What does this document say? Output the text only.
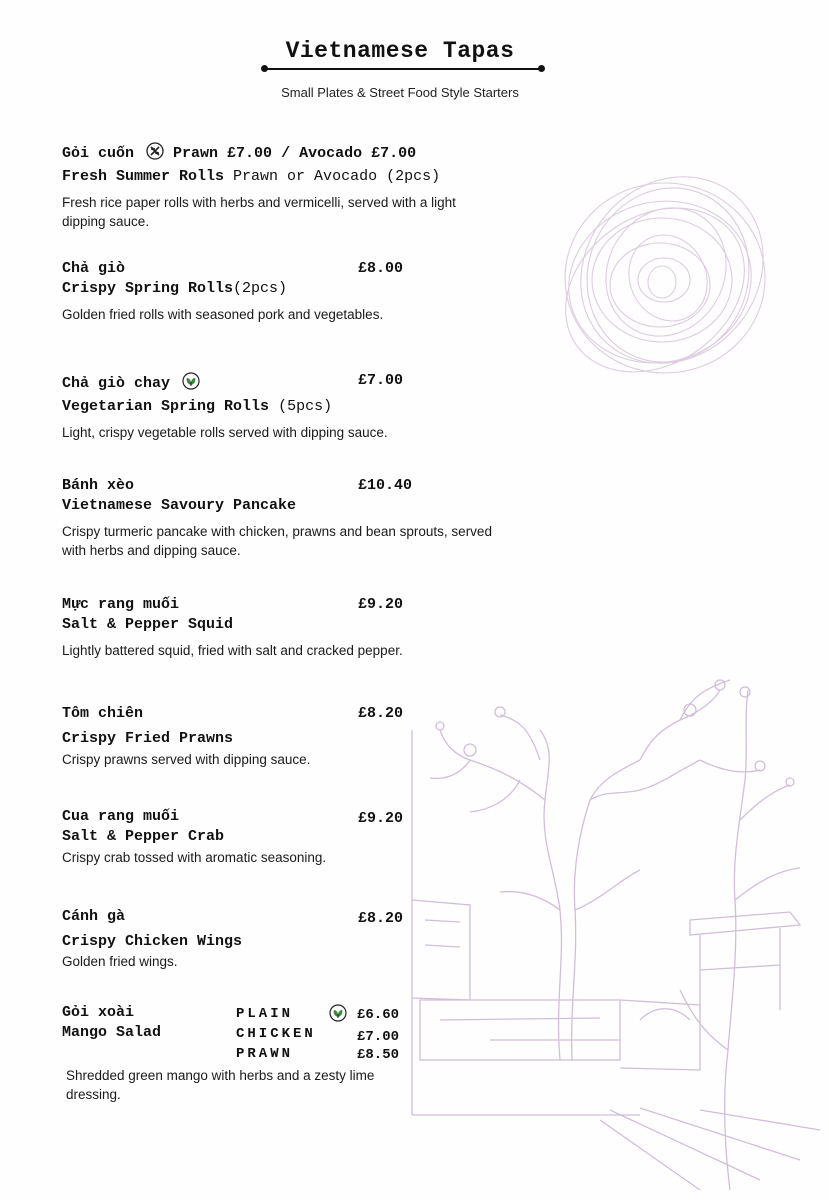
Vietnamese Tapas
Small Plates & Street Food Style Starters
Gỏi cuốn	Prawn £7.00 / Avocado £7.00
Fresh Summer Rolls Prawn or Avocado (2pcs)
Fresh rice paper rolls with herbs and vermicelli, served with a light dipping sauce.
Chả giò
Crispy Spring Rolls(2pcs)
Golden fried rolls with seasoned pork and vegetables.
£8.00
Chả giò chay
Vegetarian Spring Rolls (5pcs)
Light, crispy vegetable rolls served with dipping sauce.
£7.00
Bánh xèo
Vietnamese Savoury Pancake
Crispy turmeric pancake with chicken, prawns and bean sprouts, served with herbs and dipping sauce.
£10.40
Mực rang muối
Salt & Pepper Squid
Lightly battered squid, fried with salt and cracked pepper.
£9.20
Tôm chiên
Crispy Fried Prawns
Crispy prawns served with dipping sauce.
£8.20
Cua rang muối
Salt & Pepper Crab
Crispy crab tossed with aromatic seasoning.
£9.20
Cánh gà
Crispy Chicken Wings
Golden fried wings.
£8.20
Gỏi xoài
Mango Salad
PLAIN	£6.60
CHICKEN	£7.00
PRAWN	£8.50
Shredded green mango with herbs and a zesty lime dressing.
